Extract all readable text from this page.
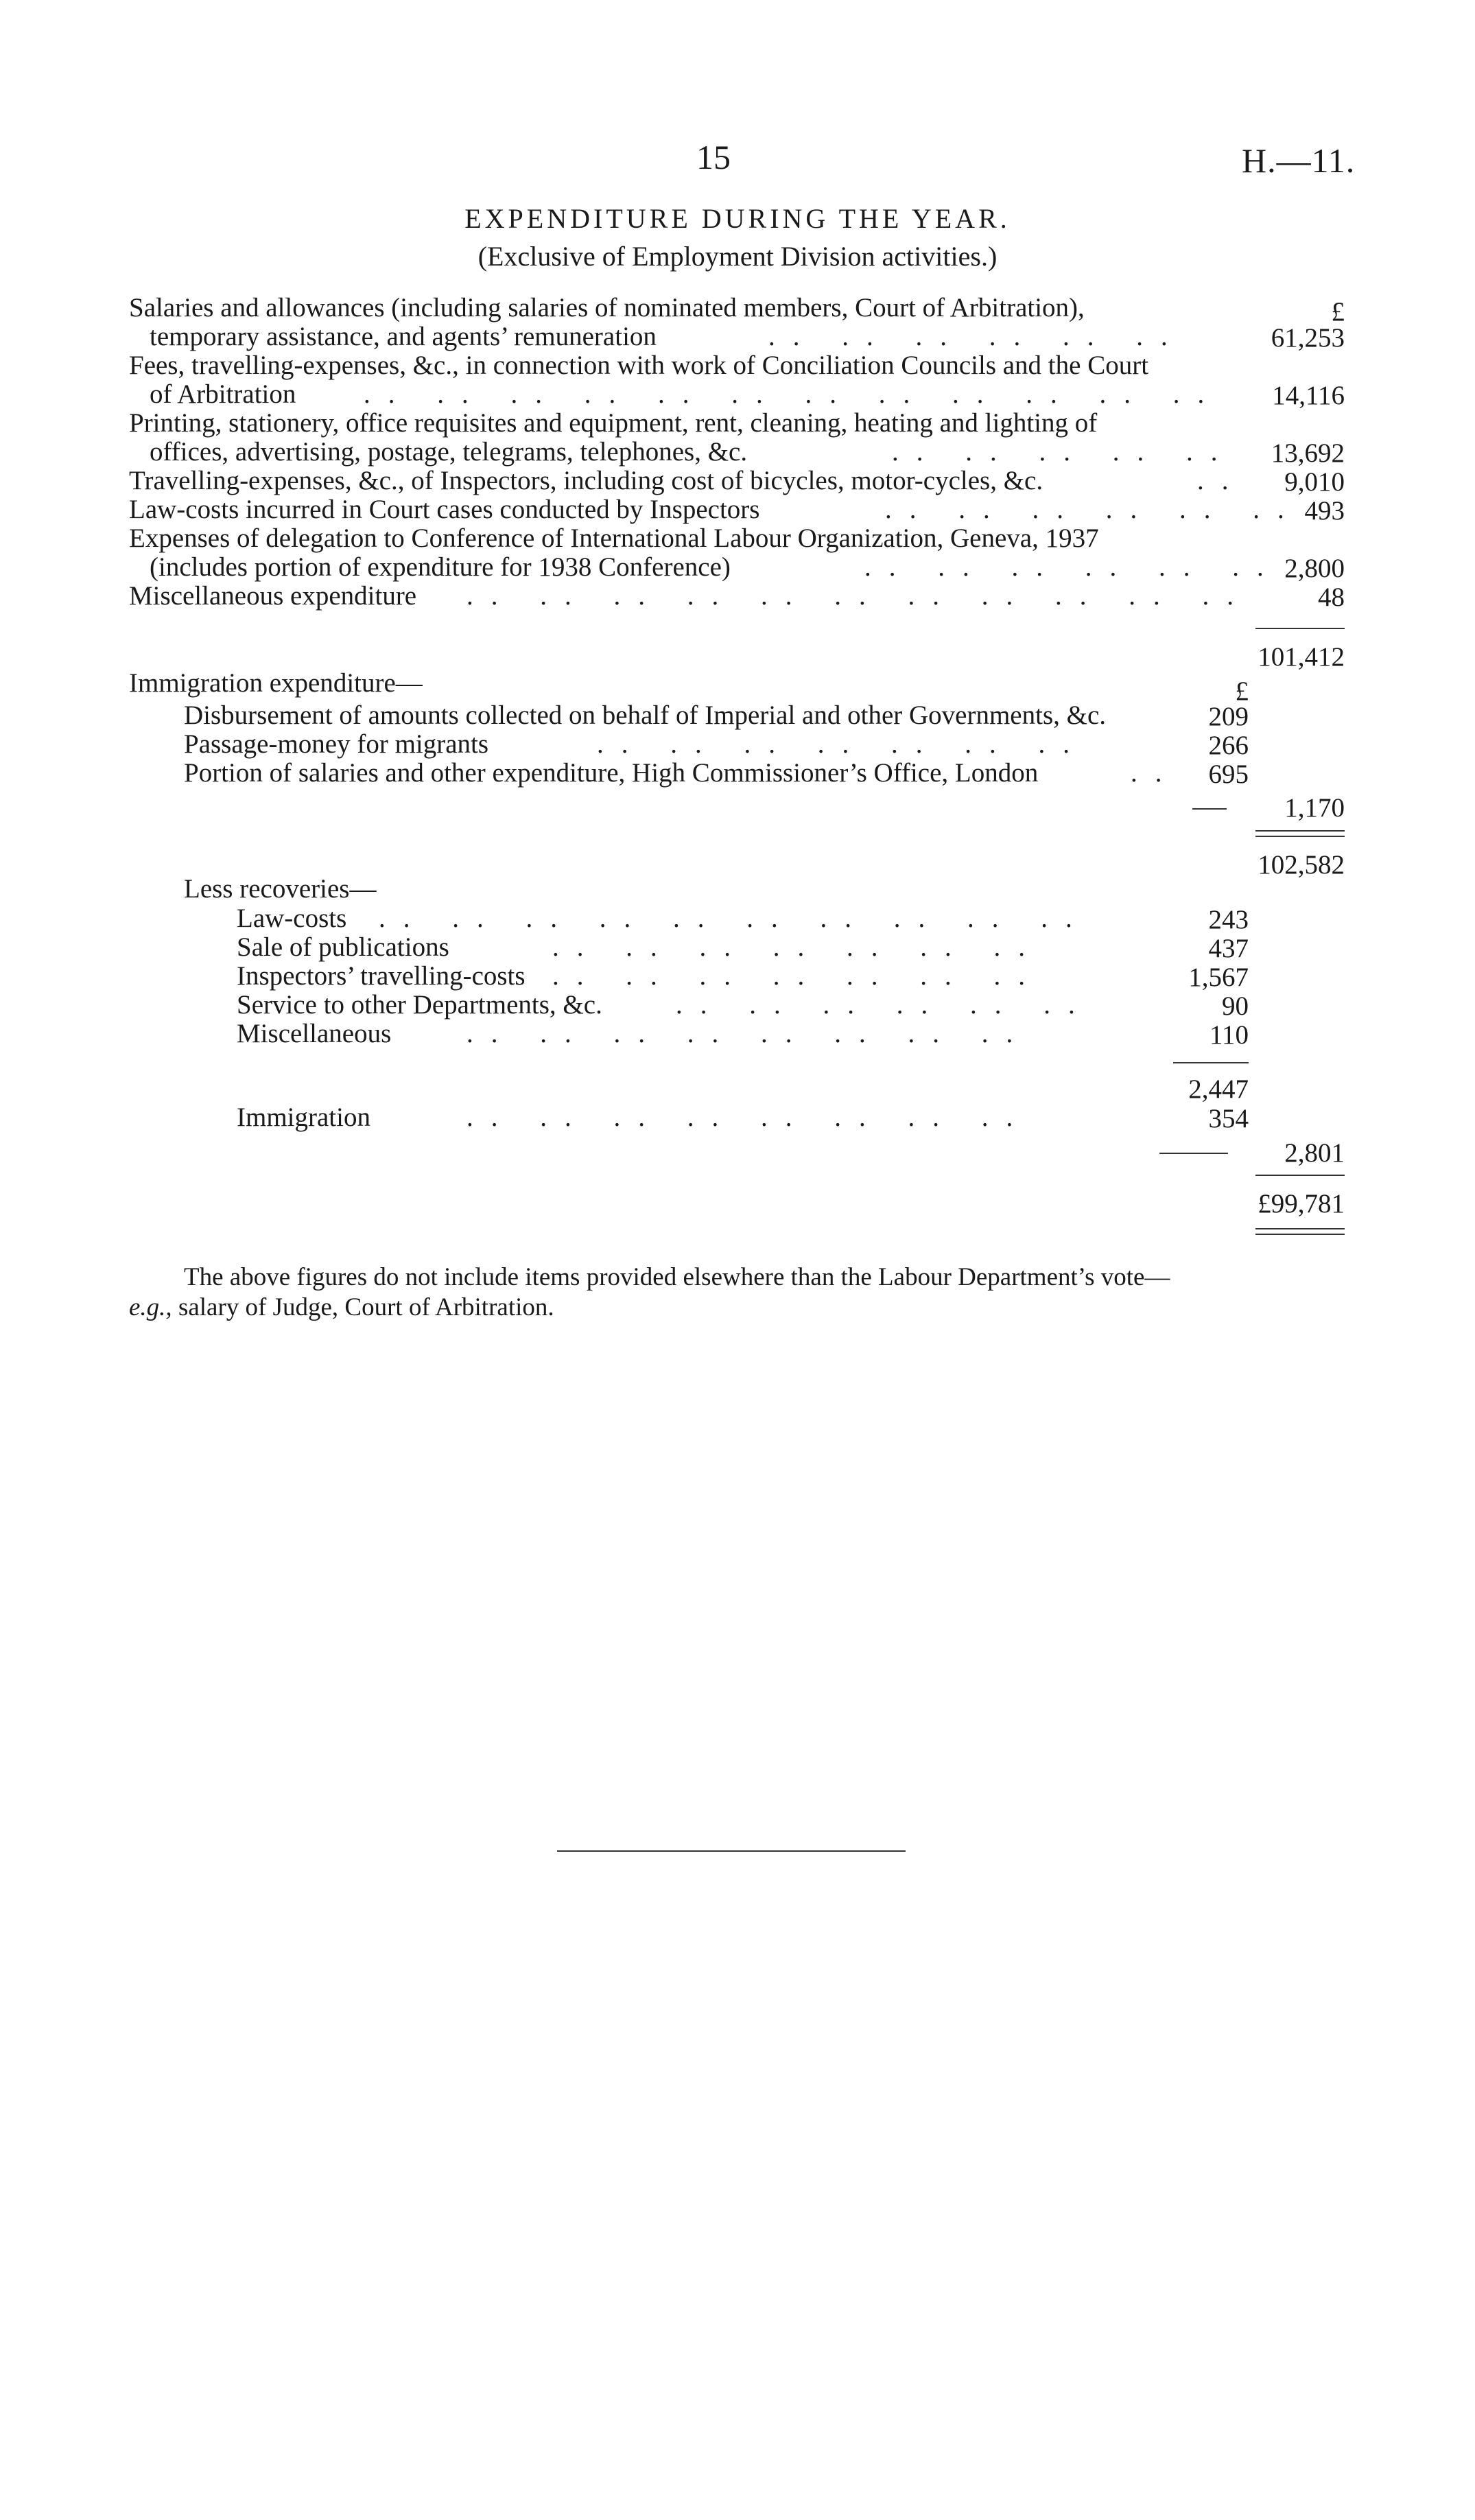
15	H.—11.
EXPENDITURE DURING THE YEAR.
(Exclusive of Employment Division activities.)
£
Salaries and allowances (including salaries of nominated members, Court of Arbitration),
temporary assistance, and agents’ remuneration	.. .. .. .. .. ..	61,253
Fees, travelling-expenses, &c., in connection with work of Conciliation Councils and the Court
of Arbitration	.. .. .. .. .. .. .. .. .. .. .. ..	14,116
Printing, stationery, office requisites and equipment, rent, cleaning, heating and lighting of
offices, advertising, postage, telegrams, telephones, &c.	.. .. .. .. ..	13,692
Travelling-expenses, &c., of Inspectors, including cost of bicycles, motor-cycles, &c.	..	9,010
Law-costs incurred in Court cases conducted by Inspectors	.. .. .. .. .. .. 493
Expenses of delegation to Conference of International Labour Organization, Geneva, 1937
(includes portion of expenditure for 1938 Conference)	.. .. .. .. .. .. 2,800
Miscellaneous expenditure .. .. .. .. .. .. .. .. .. .. ..	48
101,412
Immigration expenditure—	£
Disbursement of amounts collected on behalf of Imperial and other Governments, &c.	209
Passage-money for migrants	.. .. .. .. .. .. ..	266
Portion of salaries and other expenditure, High Commissioner’s Office, London	..	695
1,170
102,582
Less recoveries—
Law-costs .. .. .. .. .. .. .. .. .. ..	243
Sale of publications	.. .. .. .. .. .. ..	437
Inspectors’ travelling-costs .. .. .. .. .. .. ..	1,567
Service to other Departments, &c.	.. .. .. .. .. ..	90
Miscellaneous	.. .. .. .. .. .. .. ..	110
2,447
Immigration	.. .. .. .. .. .. .. ..	354
2,801
£99,781
The above figures do not include items provided elsewhere than the Labour Department’s vote—
e.g., salary of Judge, Court of Arbitration.
